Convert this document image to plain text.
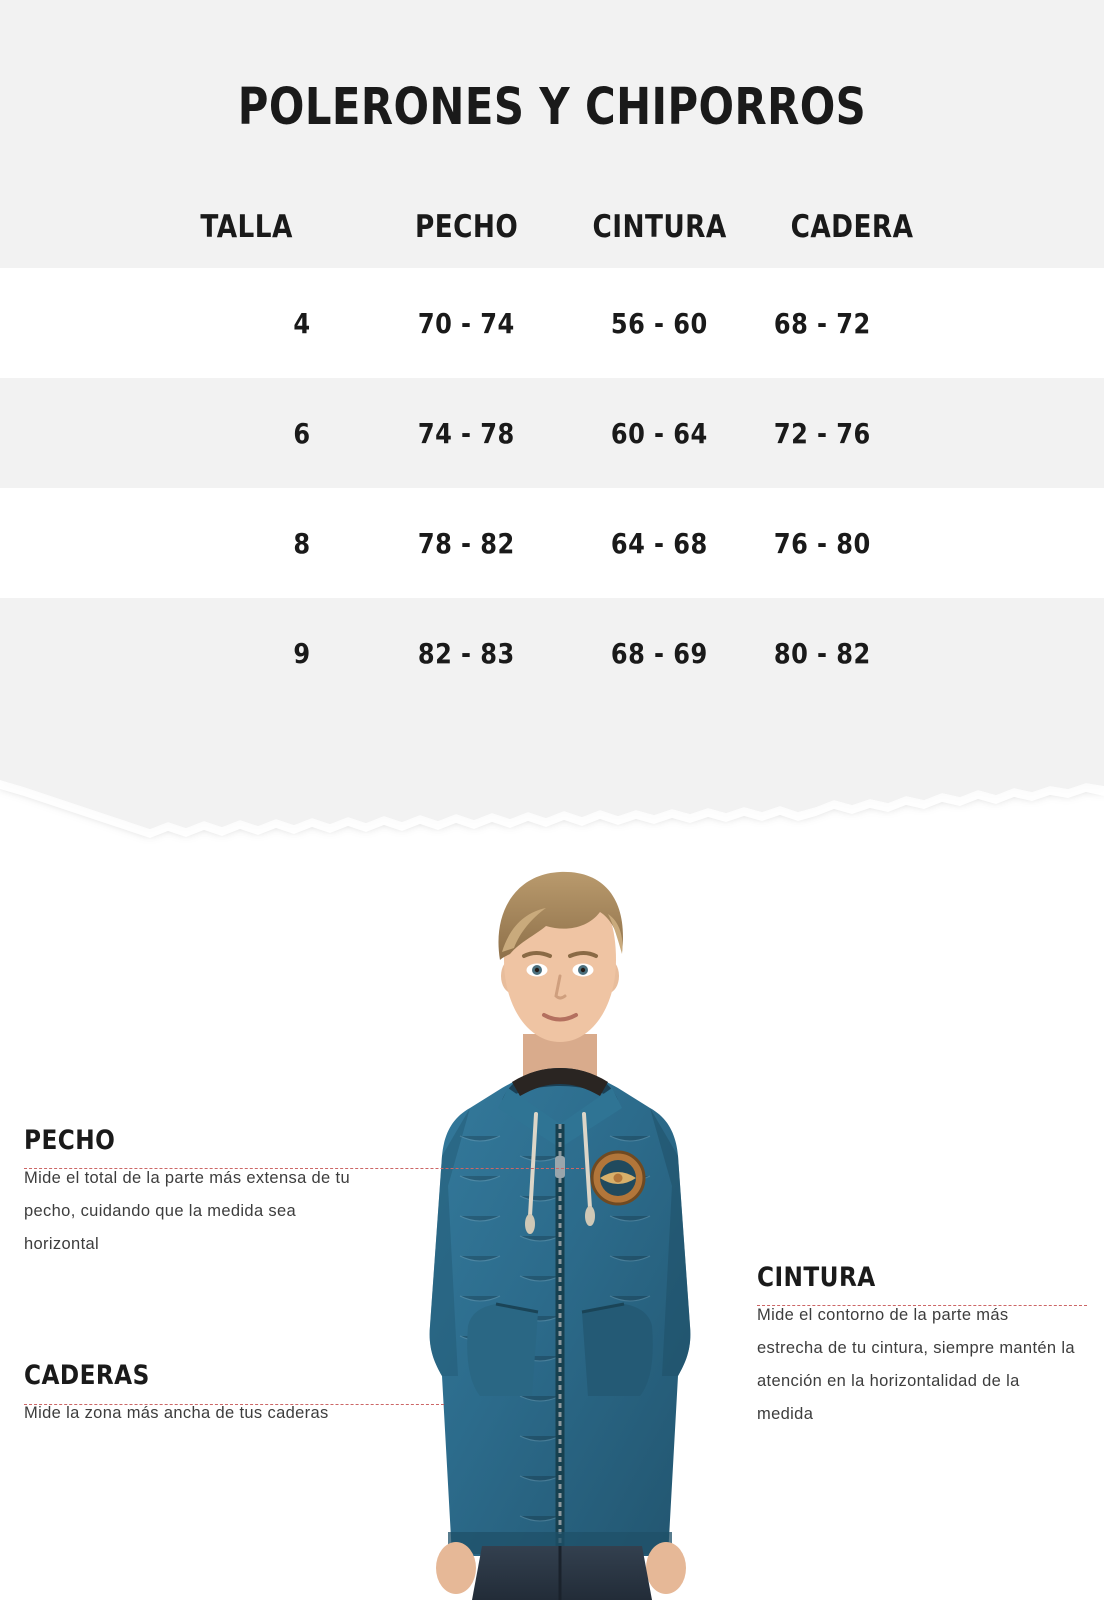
POLERONES Y CHIPORROS
TALLA	PECHO	CINTURA	CADERA
4	70 - 74	56 - 60	68 - 72
6	74 - 78	60 - 64	72 - 76
8	78 - 82	64 - 68	76 - 80
9	82 - 83	68 - 69	80 - 82
PECHO

Mide el total de la parte más extensa de tu pecho, cuidando que la medida sea horizontal

CADERAS

Mide la zona más ancha de tus caderas

CINTURA

Mide el contorno de la parte más estrecha de tu cintura, siempre mantén la atención en la horizontalidad de la medida
